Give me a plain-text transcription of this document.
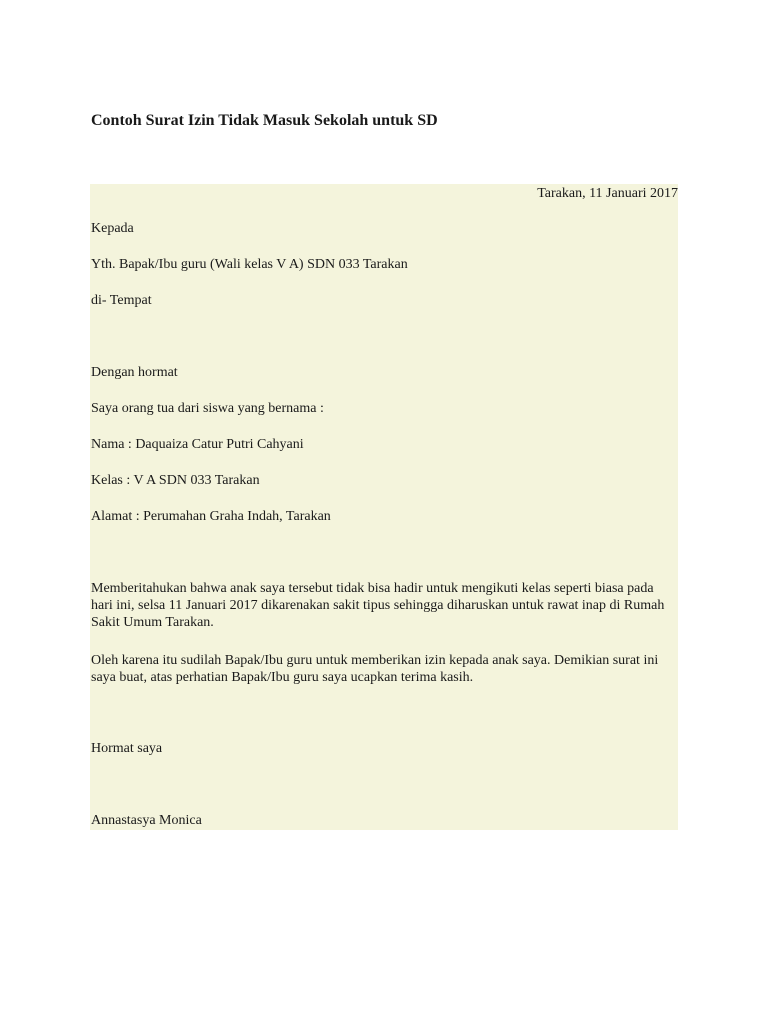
Contoh Surat Izin Tidak Masuk Sekolah untuk SD
Tarakan, 11 Januari 2017
Kepada
Yth. Bapak/Ibu guru (Wali kelas V A) SDN 033 Tarakan
di- Tempat
Dengan hormat
Saya orang tua dari siswa yang bernama :
Nama : Daquaiza Catur Putri Cahyani
Kelas : V A SDN 033 Tarakan
Alamat : Perumahan Graha Indah, Tarakan
Memberitahukan bahwa anak saya tersebut tidak bisa hadir untuk mengikuti kelas seperti biasa pada hari ini, selsa 11 Januari 2017 dikarenakan sakit tipus sehingga diharuskan untuk rawat inap di Rumah Sakit Umum Tarakan.
Oleh karena itu sudilah Bapak/Ibu guru untuk memberikan izin kepada anak saya. Demikian surat ini saya buat, atas perhatian Bapak/Ibu guru saya ucapkan terima kasih.
Hormat saya
Annastasya Monica
